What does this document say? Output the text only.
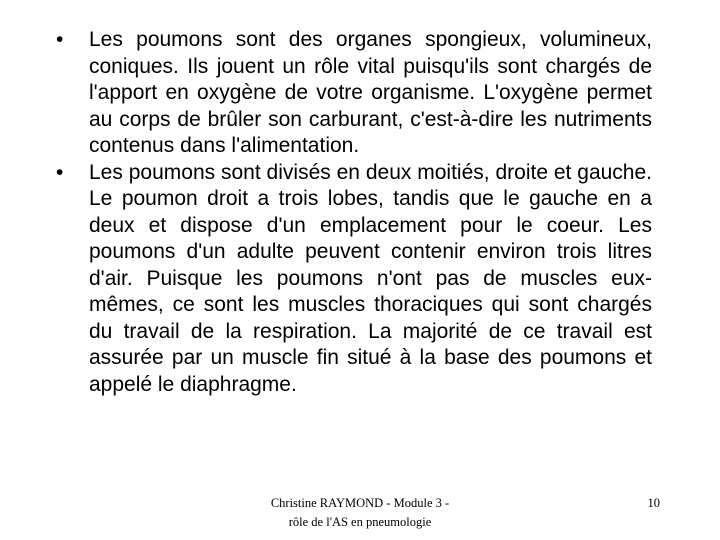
•	Les poumons sont des organes spongieux, volumineux, coniques. Ils jouent un rôle vital puisqu'ils sont chargés de l'apport en oxygène de votre organisme. L'oxygène permet au corps de brûler son carburant, c'est-à-dire les nutriments contenus dans l'alimentation.
•	Les poumons sont divisés en deux moitiés, droite et gauche. Le poumon droit a trois lobes, tandis que le gauche en a deux et dispose d'un emplacement pour le coeur. Les poumons d'un adulte peuvent contenir environ trois litres d'air. Puisque les poumons n'ont pas de muscles eux-mêmes, ce sont les muscles thoraciques qui sont chargés du travail de la respiration. La majorité de ce travail est assurée par un muscle fin situé à la base des poumons et appelé le diaphragme.
Christine RAYMOND - Module 3 -
rôle de l'AS en pneumologie
10
